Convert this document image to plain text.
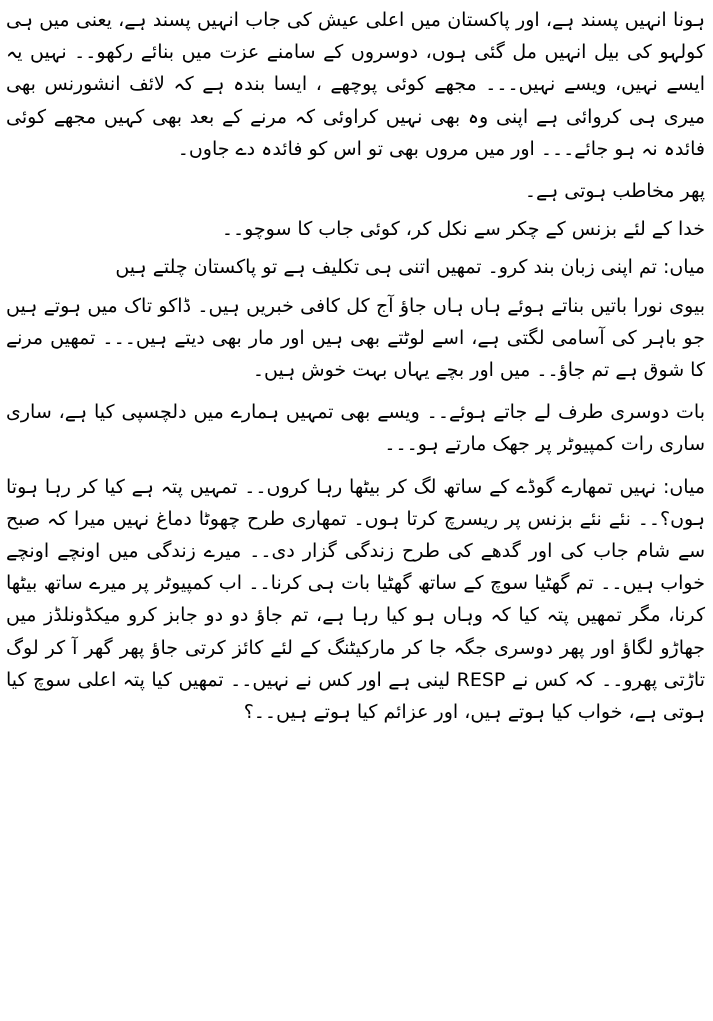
ہونا انہیں پسند ہے، اور پاکستان میں اعلی عیش کی جاب انہیں پسند ہے، یعنی میں ہی کولہو کی بیل انہیں مل گئی ہوں، دوسروں کے سامنے عزت میں بنائے رکھو۔۔ نہیں یہ ایسے نہیں، ویسے نہیں۔۔۔ مجھے کوئی پوچھے ، ایسا بندہ ہے کہ لائف انشورنس بھی میری ہی کروائی ہے اپنی وہ بھی نہیں کراوئی کہ مرنے کے بعد بھی کہیں مجھے کوئی فائدہ نہ ہو جائے۔۔۔ اور میں مروں بھی تو اس کو فائدہ دے جاوں۔

پھر مخاطب ہوتی ہے۔

خدا کے لئے بزنس کے چکر سے نکل کر، کوئی جاب کا سوچو۔۔

میاں: تم اپنی زبان بند کرو۔ تمھیں اتنی ہی تکلیف ہے تو پاکستان چلتے ہیں

بیوی نورا باتیں بناتے ہوئے ہاں ہاں جاؤ آج کل کافی خبریں ہیں۔ ڈاکو تاک میں ہوتے ہیں جو باہر کی آسامی لگتی ہے، اسے لوٹتے بھی ہیں اور مار بھی دیتے ہیں۔۔۔ تمھیں مرنے کا شوق ہے تم جاؤ۔۔ میں اور بچے یہاں بہت خوش ہیں۔

بات دوسری طرف لے جاتے ہوئے۔۔ ویسے بھی تمہیں ہمارے میں دلچسپی کیا ہے، ساری ساری رات کمپیوٹر پر جھک مارتے ہو۔۔۔

میاں: نہیں تمھارے گوڈے کے ساتھ لگ کر بیٹھا رہا کروں۔۔ تمہیں پتہ ہے کیا کر رہا ہوتا ہوں؟۔۔ نئے نئے بزنس پر ریسرچ کرتا ہوں۔ تمھاری طرح چھوٹا دماغ نہیں میرا کہ صبح سے شام جاب کی اور گدھے کی طرح زندگی گزار دی۔۔ میرے زندگی میں اونچے اونچے خواب ہیں۔۔ تم گھٹیا سوچ کے ساتھ گھٹیا بات ہی کرنا۔۔ اب کمپیوٹر پر میرے ساتھ بیٹھا کرنا، مگر تمھیں پتہ کیا کہ وہاں ہو کیا رہا ہے، تم جاؤ دو دو جابز کرو میکڈونلڈز میں جھاڑو لگاؤ اور پھر دوسری جگہ جا کر مارکیٹنگ کے لئے کائز کرتی جاؤ پھر گھر آ کر لوگ تاڑتی پھرو۔۔ کہ کس نے RESP لینی ہے اور کس نے نہیں۔۔ تمھیں کیا پتہ اعلی سوچ کیا ہوتی ہے، خواب کیا ہوتے ہیں، اور عزائم کیا ہوتے ہیں۔۔؟
